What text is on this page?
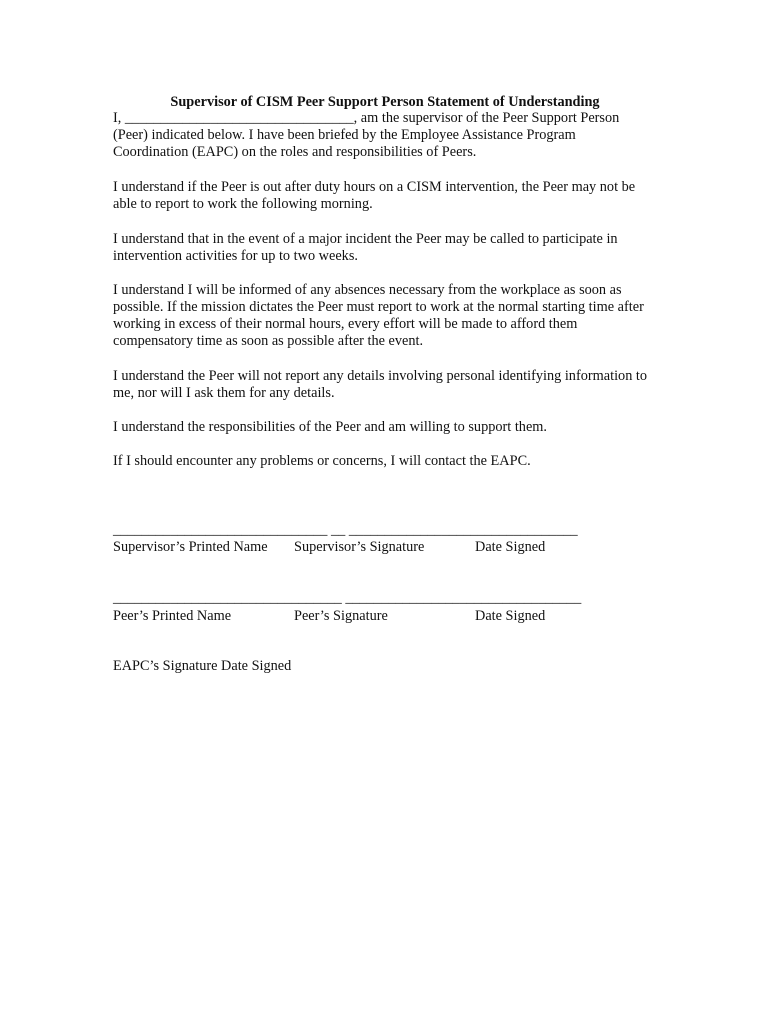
Supervisor of CISM Peer Support Person Statement of Understanding

I, ________________________________, am the supervisor of the Peer Support Person
(Peer) indicated below. I have been briefed by the Employee Assistance Program
Coordination (EAPC) on the roles and responsibilities of Peers.

I understand if the Peer is out after duty hours on a CISM intervention, the Peer may not be
able to report to work the following morning.

I understand that in the event of a major incident the Peer may be called to participate in
intervention activities for up to two weeks.

I understand I will be informed of any absences necessary from the workplace as soon as
possible. If the mission dictates the Peer must report to work at the normal starting time after
working in excess of their normal hours, every effort will be made to afford them
compensatory time as soon as possible after the event.

I understand the Peer will not report any details involving personal identifying information to
me, nor will I ask them for any details.

I understand the responsibilities of the Peer and am willing to support them.

If I should encounter any problems or concerns, I will contact the EAPC.

______________________________ __ ________________________________
Supervisor’s Printed Name Supervisor’s Signature	Date Signed
________________________________ _________________________________
Peer’s Printed Name	Peer’s Signature	Date Signed
EAPC’s Signature Date Signed
